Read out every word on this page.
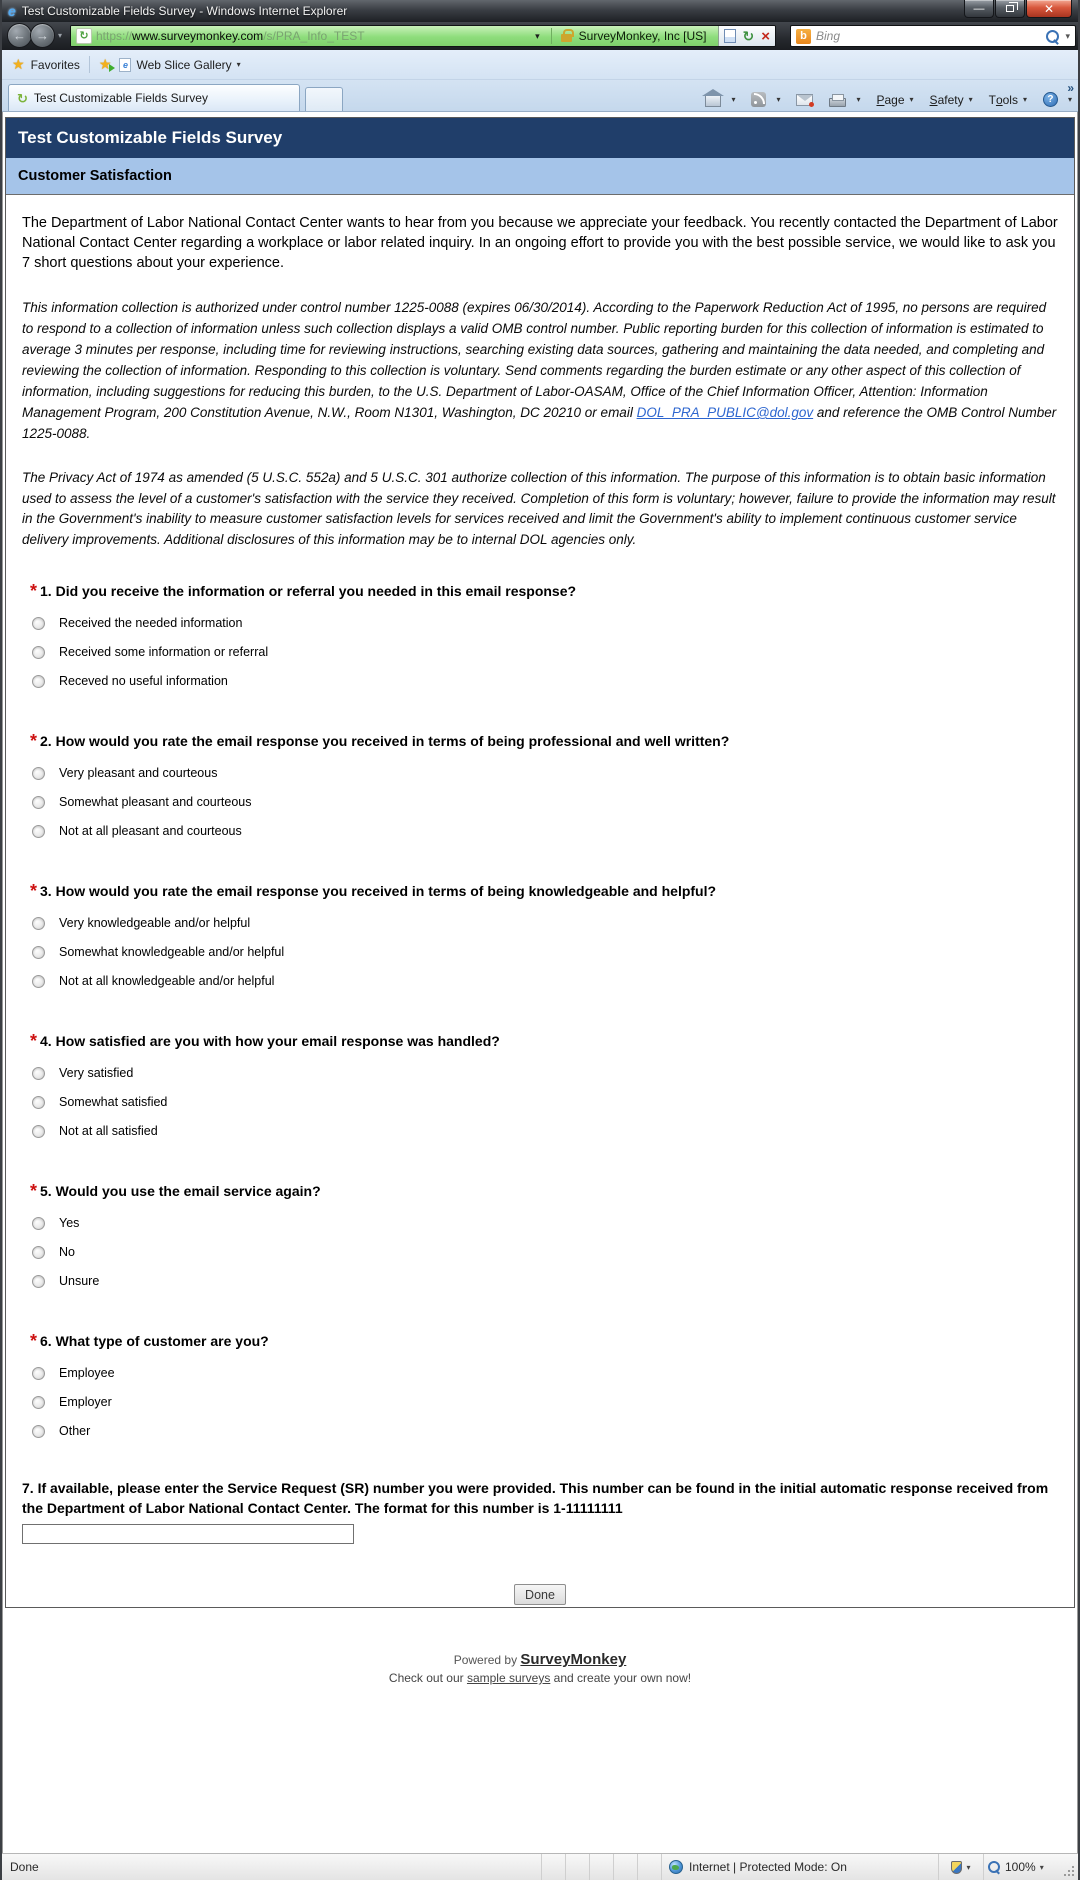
e Test Customizable Fields Survey - Windows Internet Explorer	—	✕
← → ▾	↻ https://www.surveymonkey.com/s/PRA_Info_TEST	▾	SurveyMonkey, Inc [US]	↻ ×	b Bing	▾
★ Favorites ★	e Web Slice Gallery ▾
↻ Test Customizable Fields Survey
»
▾	▾	▾ P age ▾ S afety ▾ T o ols ▾	?	▾
Test Customizable Fields Survey
Customer Satisfaction

The Department of Labor National Contact Center wants to hear from you because we appreciate your feedback. You recently contacted the Department of Labor National Contact Center regarding a workplace or labor related inquiry. In an ongoing effort to provide you with the best possible service, we would like to ask you 7 short questions about your experience.

This information collection is authorized under control number 1225-0088 (expires 06/30/2014). According to the Paperwork Reduction Act of 1995, no persons are required to respond to a collection of information unless such collection displays a valid OMB control number. Public reporting burden for this collection of information is estimated to average 3 minutes per response, including time for reviewing instructions, searching existing data sources, gathering and maintaining the data needed, and completing and reviewing the collection of information. Responding to this collection is voluntary. Send comments regarding the burden estimate or any other aspect of this collection of information, including suggestions for reducing this burden, to the U.S. Department of Labor-OASAM, Office of the Chief Information Officer, Attention: Information Management Program, 200 Constitution Avenue, N.W., Room N1301, Washington, DC 20210 or email DOL_PRA_PUBLIC@dol.gov and reference the OMB Control Number 1225-0088.

The Privacy Act of 1974 as amended (5 U.S.C. 552a) and 5 U.S.C. 301 authorize collection of this information. The purpose of this information is to obtain basic information used to assess the level of a customer's satisfaction with the service they received. Completion of this form is voluntary; however, failure to provide the information may result in the Government's inability to measure customer satisfaction levels for services received and limit the Government's ability to implement continuous customer service delivery improvements. Additional disclosures of this information may be to internal DOL agencies only.

* 1. Did you receive the information or referral you needed in this email response?
Received the needed information
Received some information or referral
Receved no useful information
* 2. How would you rate the email response you received in terms of being professional and well written?
Very pleasant and courteous
Somewhat pleasant and courteous
Not at all pleasant and courteous
* 3. How would you rate the email response you received in terms of being knowledgeable and helpful?
Very knowledgeable and/or helpful
Somewhat knowledgeable and/or helpful
Not at all knowledgeable and/or helpful
* 4. How satisfied are you with how your email response was handled?
Very satisfied
Somewhat satisfied
Not at all satisfied
* 5. Would you use the email service again?
Yes
No
Unsure
* 6. What type of customer are you?
Employee
Employer
Other
7. If available, please enter the Service Request (SR) number you were provided. This number can be found in the initial automatic response received from the Department of Labor National Contact Center. The format for this number is 1-11111111
Done
Powered by SurveyMonkey
Check out our sample surveys and create your own now!
Done	Internet | Protected Mode: On	▾	100% ▾
